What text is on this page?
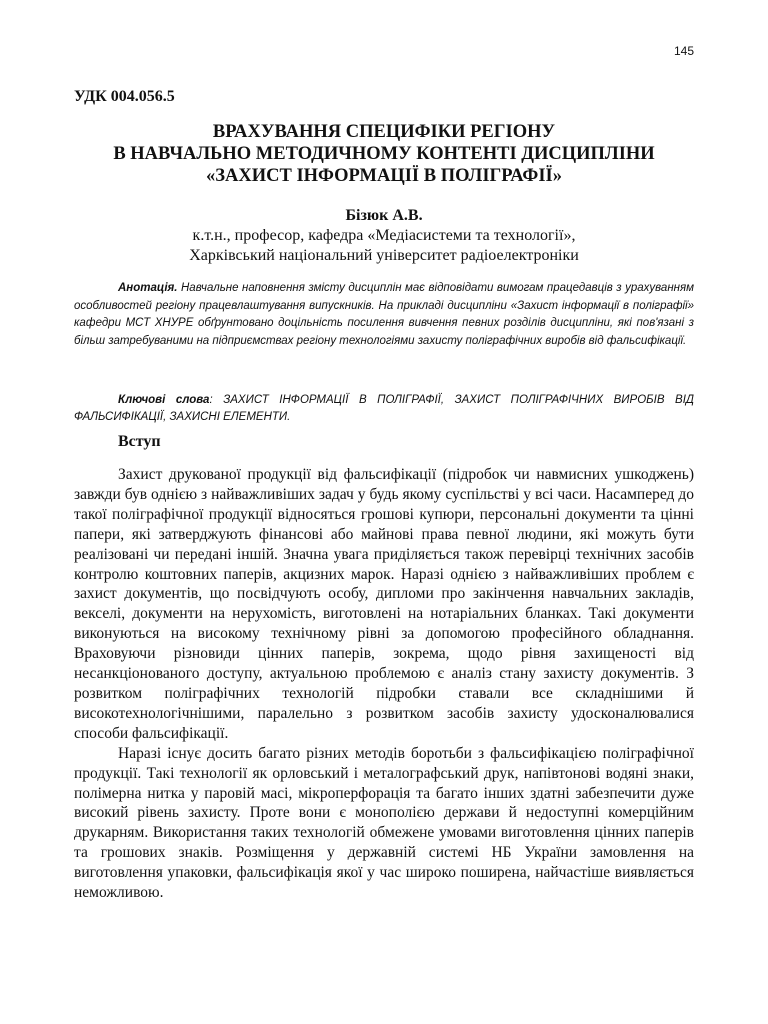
145
УДК 004.056.5
ВРАХУВАННЯ СПЕЦИФІКИ РЕГІОНУ
В НАВЧАЛЬНО МЕТОДИЧНОМУ КОНТЕНТІ ДИСЦИПЛІНИ
«ЗАХИСТ ІНФОРМАЦІЇ В ПОЛІГРАФІЇ»
Бізюк А.В.
к.т.н., професор, кафедра «Медіасистеми та технології»,
Харківський національний університет радіоелектроніки
Анотація. Навчальне наповнення змісту дисциплін має відповідати вимогам працедавців з урахуванням особливостей регіону працевлаштування випускників. На прикладі дисципліни «Захист інформації в поліграфії» кафедри МСТ ХНУРЕ обґрунтовано доцільність посилення вивчення певних розділів дисципліни, які пов'язані з більш затребуваними на підприємствах регіону технологіями захисту поліграфічних виробів від фальсифікації.
Ключові слова: ЗАХИСТ ІНФОРМАЦІЇ В ПОЛІГРАФІЇ, ЗАХИСТ ПОЛІГРАФІЧНИХ ВИРОБІВ ВІД ФАЛЬСИФІКАЦІЇ, ЗАХИСНІ ЕЛЕМЕНТИ.
Вступ

Захист друкованої продукції від фальсифікації (підробок чи навмисних ушкоджень) завжди був однією з найважливіших задач у будь якому суспільстві у всі часи. Насамперед до такої поліграфічної продукції відносяться грошові купюри, персональні документи та цінні папери, які затверджують фінансові або майнові права певної людини, які можуть бути реалізовані чи передані іншій. Значна увага приділяється також перевірці технічних засобів контролю коштовних паперів, акцизних марок. Наразі однією з найважливіших проблем є захист документів, що посвідчують особу, дипломи про закінчення навчальних закладів, векселі, документи на нерухомість, виготовлені на нотаріальних бланках. Такі документи виконуються на високому технічному рівні за допомогою професійного обладнання. Враховуючи різновиди цінних паперів, зокрема, щодо рівня захищеності від несанкціонованого доступу, актуальною проблемою є аналіз стану захисту документів. З розвитком поліграфічних технологій підробки ставали все складнішими й високотехнологічнішими, паралельно з розвитком засобів захисту удосконалювалися способи фальсифікації.

Наразі існує досить багато різних методів боротьби з фальсифікацією поліграфічної продукції. Такі технології як орловський і металографський друк, напівтонові водяні знаки, полімерна нитка у паровій масі, мікроперфорація та багато інших здатні забезпечити дуже високий рівень захисту. Проте вони є монополією держави й недоступні комерційним друкарням. Використання таких технологій обмежене умовами виготовлення цінних паперів та грошових знаків. Розміщення у державній системі НБ України замовлення на виготовлення упаковки, фальсифікація якої у час широко поширена, найчастіше виявляється неможливою.
